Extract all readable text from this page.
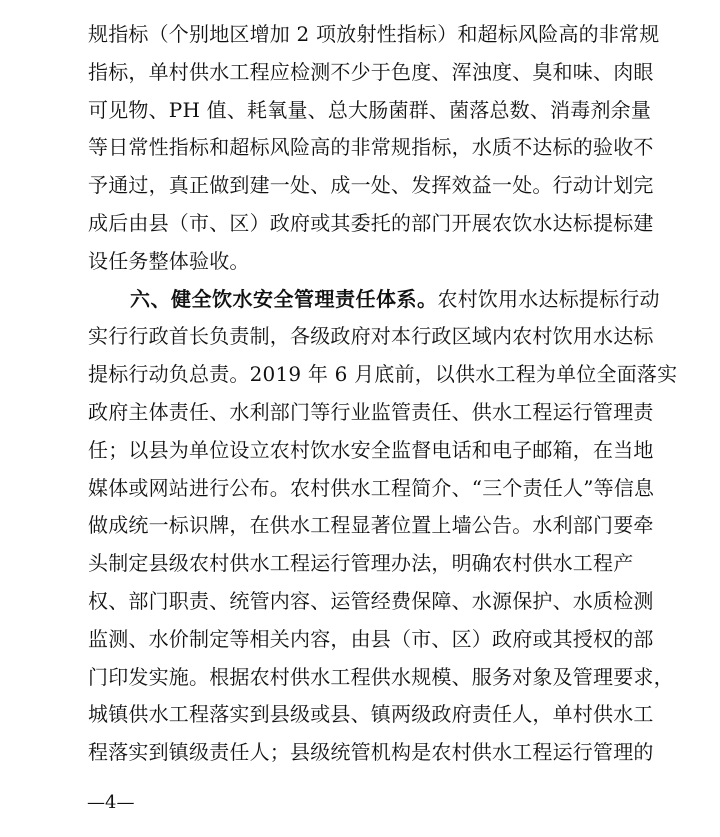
规指标（个别地区增加 2 项放射性指标）和超标风险高的非常规
指标，单村供水工程应检测不少于色度、浑浊度、臭和味、肉眼
可见物、PH 值、耗氧量、总大肠菌群、菌落总数、消毒剂余量
等日常性指标和超标风险高的非常规指标，水质不达标的验收不
予通过，真正做到建一处、成一处、发挥效益一处。行动计划完
成后由县（市、区）政府或其委托的部门开展农饮水达标提标建
设任务整体验收。
六、健全饮水安全管理责任体系。农村饮用水达标提标行动
实行行政首长负责制，各级政府对本行政区域内农村饮用水达标
提标行动负总责。2019 年 6 月底前，以供水工程为单位全面落实
政府主体责任、水利部门等行业监管责任、供水工程运行管理责
任；以县为单位设立农村饮水安全监督电话和电子邮箱，在当地
媒体或网站进行公布。农村供水工程简介、“三个责任人”等信息
做成统一标识牌，在供水工程显著位置上墙公告。水利部门要牵
头制定县级农村供水工程运行管理办法，明确农村供水工程产
权、部门职责、统管内容、运管经费保障、水源保护、水质检测
监测、水价制定等相关内容，由县（市、区）政府或其授权的部
门印发实施。根据农村供水工程供水规模、服务对象及管理要求，
城镇供水工程落实到县级或县、镇两级政府责任人，单村供水工
程落实到镇级责任人；县级统管机构是农村供水工程运行管理的
—4—
